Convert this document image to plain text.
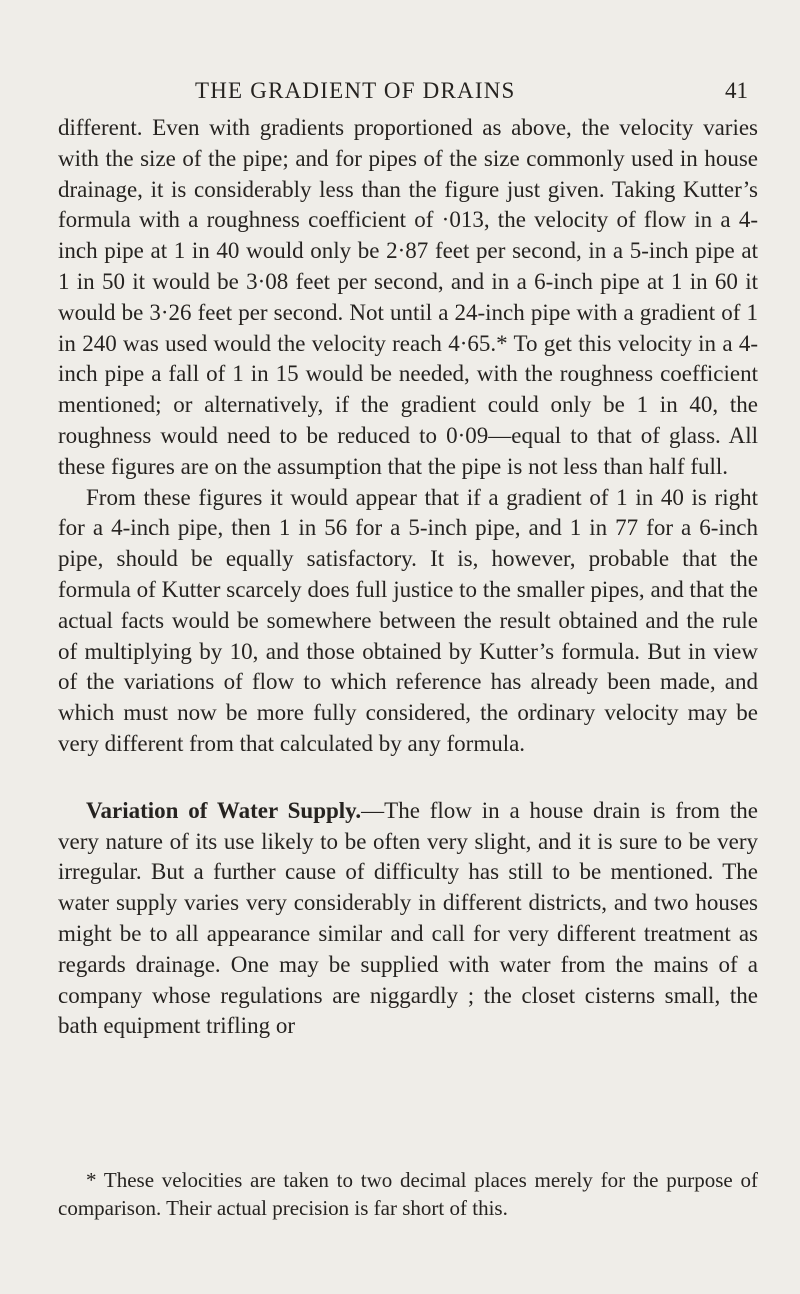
THE GRADIENT OF DRAINS	41

different. Even with gradients proportioned as above, the velocity varies with the size of the pipe; and for pipes of the size commonly used in house drainage, it is considerably less than the figure just given. Taking Kutter’s formula with a roughness coefficient of ·013, the velocity of flow in a 4-inch pipe at 1 in 40 would only be 2·87 feet per second, in a 5-inch pipe at 1 in 50 it would be 3·08 feet per second, and in a 6-inch pipe at 1 in 60 it would be 3·26 feet per second. Not until a 24-inch pipe with a gradient of 1 in 240 was used would the velocity reach 4·65.* To get this velocity in a 4-inch pipe a fall of 1 in 15 would be needed, with the roughness coefficient mentioned; or alternatively, if the gradient could only be 1 in 40, the roughness would need to be reduced to 0·09—equal to that of glass. All these figures are on the assumption that the pipe is not less than half full.

From these figures it would appear that if a gradient of 1 in 40 is right for a 4-inch pipe, then 1 in 56 for a 5-inch pipe, and 1 in 77 for a 6-inch pipe, should be equally satisfactory. It is, however, probable that the formula of Kutter scarcely does full justice to the smaller pipes, and that the actual facts would be somewhere between the result obtained and the rule of multiplying by 10, and those obtained by Kutter’s formula. But in view of the variations of flow to which reference has already been made, and which must now be more fully considered, the ordinary velocity may be very different from that calculated by any formula.

Variation of Water Supply.—The flow in a house drain is from the very nature of its use likely to be often very slight, and it is sure to be very irregular. But a further cause of difficulty has still to be mentioned. The water supply varies very considerably in different districts, and two houses might be to all appearance similar and call for very different treatment as regards drainage. One may be supplied with water from the mains of a company whose regulations are niggardly ; the closet cisterns small, the bath equipment trifling or

* These velocities are taken to two decimal places merely for the purpose of comparison. Their actual precision is far short of this.
